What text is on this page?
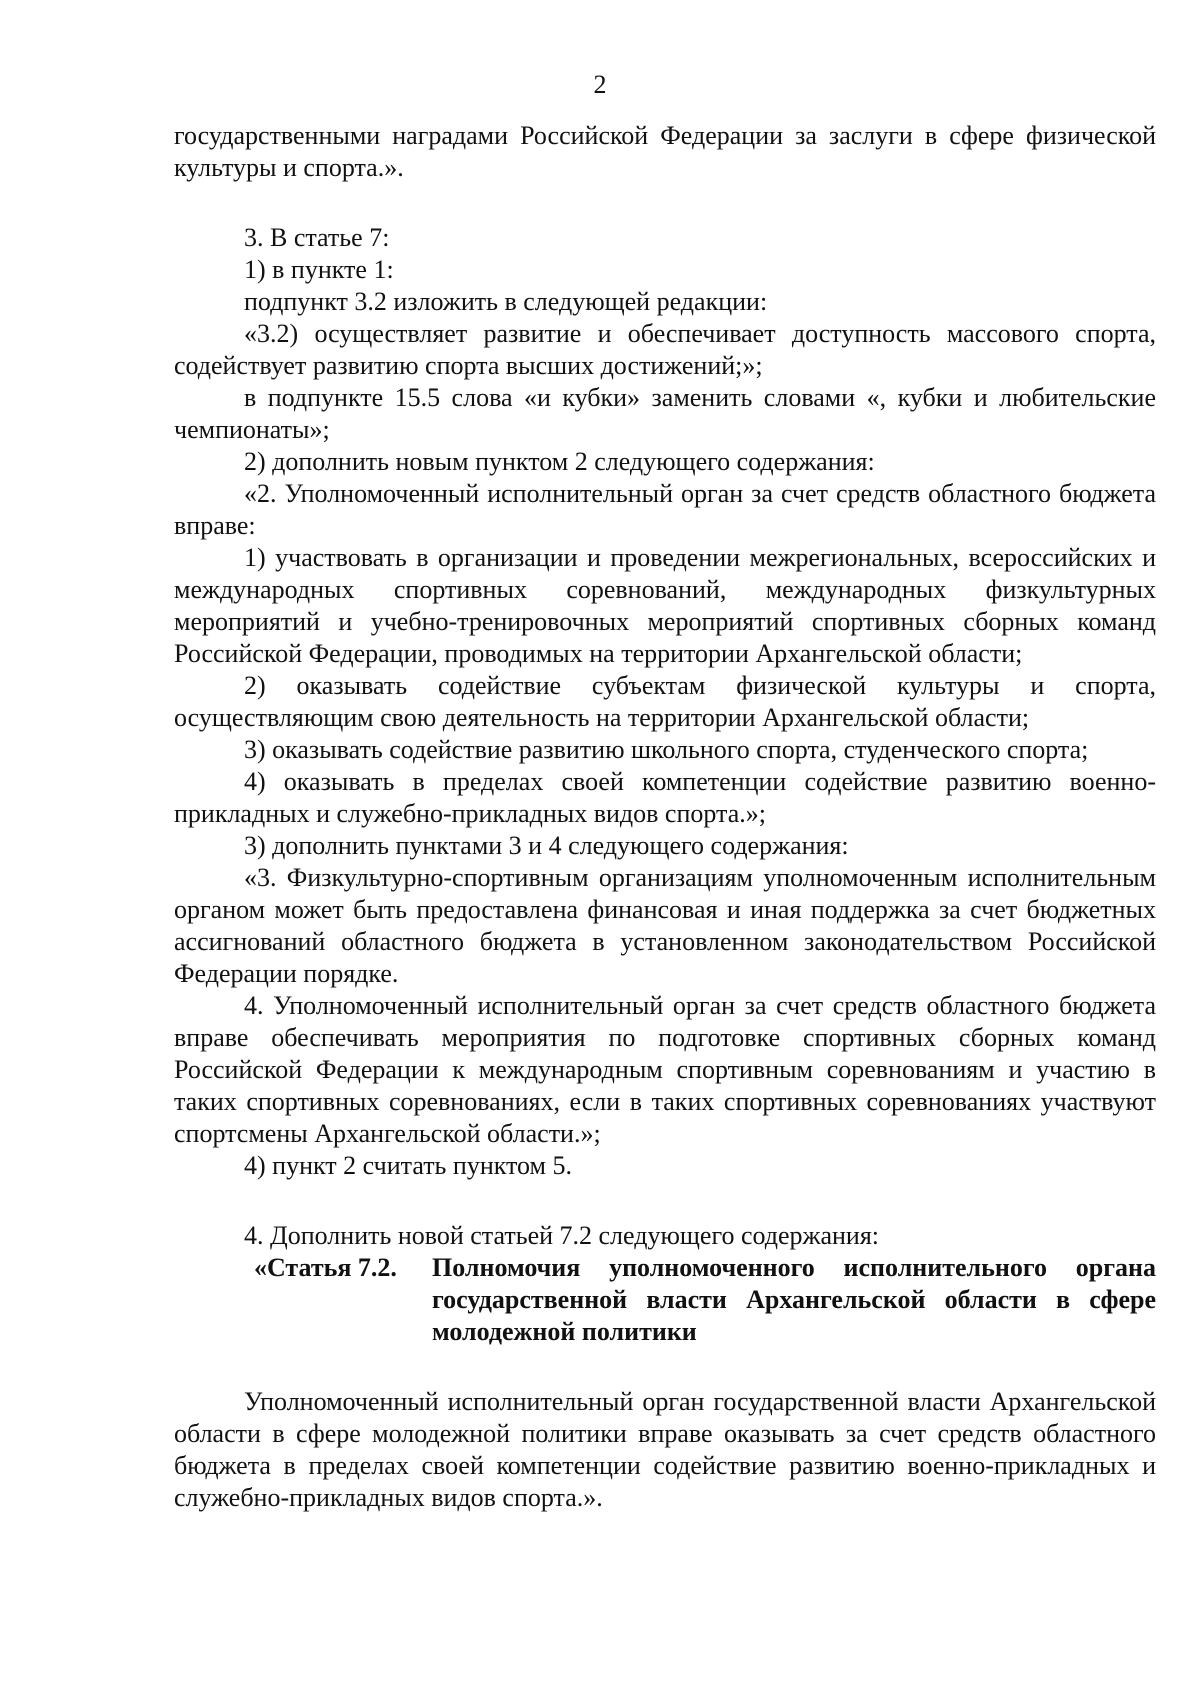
2

государственными наградами Российской Федерации за заслуги в сфере физической культуры и спорта.».

3. В статье 7:

1) в пункте 1:

подпункт 3.2 изложить в следующей редакции:

«3.2) осуществляет развитие и обеспечивает доступность массового спорта, содействует развитию спорта высших достижений;»;

в подпункте 15.5 слова «и кубки» заменить словами «, кубки и любительские чемпионаты»;

2) дополнить новым пунктом 2 следующего содержания:

«2. Уполномоченный исполнительный орган за счет средств областного бюджета вправе:

1) участвовать в организации и проведении межрегиональных, всероссийских и международных спортивных соревнований, международных физкультурных мероприятий и учебно-тренировочных мероприятий спортивных сборных команд Российской Федерации, проводимых на территории Архангельской области;

2) оказывать содействие субъектам физической культуры и спорта, осуществляющим свою деятельность на территории Архангельской области;

3) оказывать содействие развитию школьного спорта, студенческого спорта;

4) оказывать в пределах своей компетенции содействие развитию военно-прикладных и служебно-прикладных видов спорта.»;

3) дополнить пунктами 3 и 4 следующего содержания:

«3. Физкультурно-спортивным организациям уполномоченным исполнительным органом может быть предоставлена финансовая и иная поддержка за счет бюджетных ассигнований областного бюджета в установленном законодательством Российской Федерации порядке.

4. Уполномоченный исполнительный орган за счет средств областного бюджета вправе обеспечивать мероприятия по подготовке спортивных сборных команд Российской Федерации к международным спортивным соревнованиям и участию в таких спортивных соревнованиях, если в таких спортивных соревнованиях участвуют спортсмены Архангельской области.»;

4) пункт 2 считать пунктом 5.

4. Дополнить новой статьей 7.2 следующего содержания:

«Статья 7.2.	Полномочия уполномоченного исполнительного органа государственной власти Архангельской области в сфере молодежной политики

Уполномоченный исполнительный орган государственной власти Архангельской области в сфере молодежной политики вправе оказывать за счет средств областного бюджета в пределах своей компетенции содействие развитию военно-прикладных и служебно-прикладных видов спорта.».
